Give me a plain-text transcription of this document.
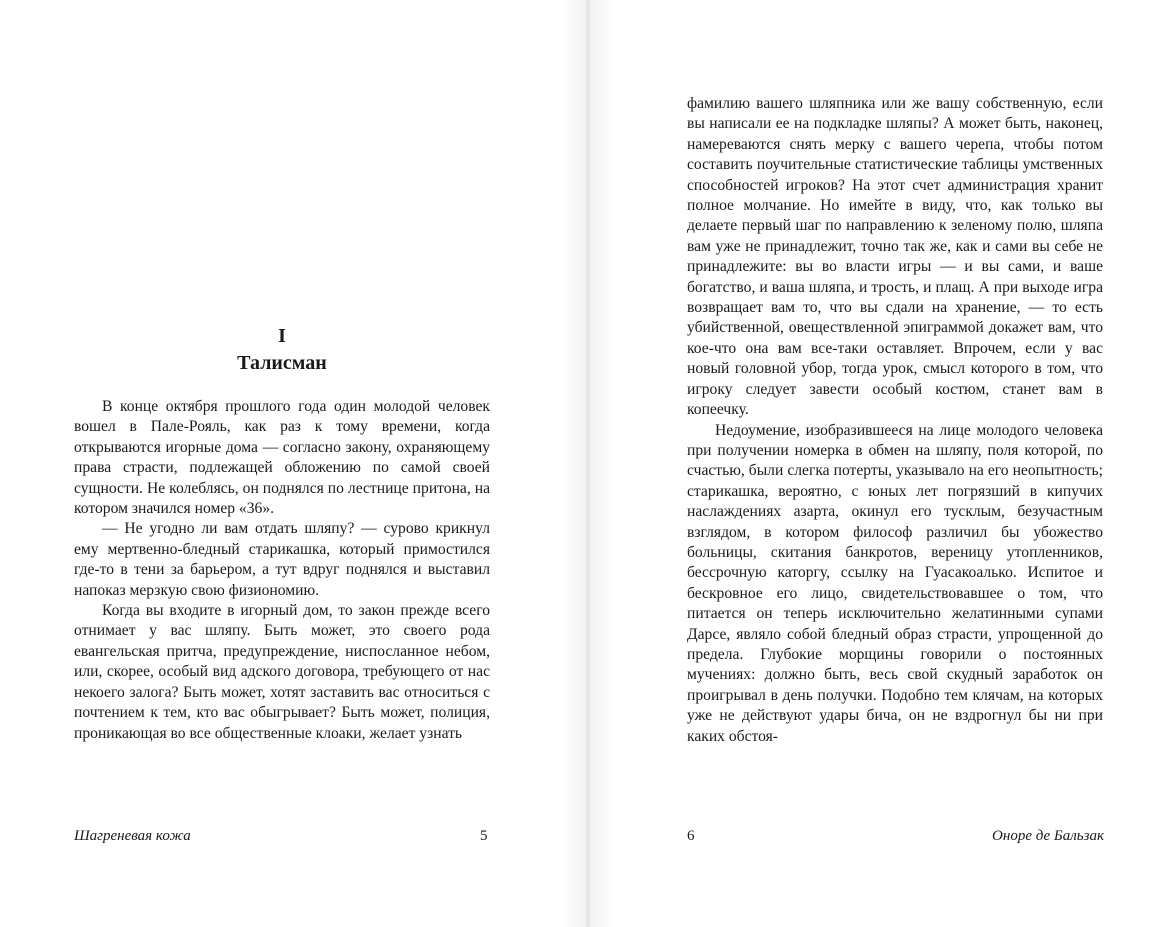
I
Талисман

В конце октября прошлого года один молодой человек вошел в Пале-Рояль, как раз к тому времени, когда открываются игорные дома — согласно закону, охраняющему права страсти, подлежащей обложению по самой своей сущности. Не колеблясь, он поднялся по лестнице притона, на котором значился номер «36».

— Не угодно ли вам отдать шляпу? — сурово крикнул ему мертвенно-бледный старикашка, который примостился где-то в тени за барьером, а тут вдруг поднялся и выставил напоказ мерзкую свою физиономию.

Когда вы входите в игорный дом, то закон прежде всего отнимает у вас шляпу. Быть может, это своего рода евангельская притча, предупреждение, ниспосланное небом, или, скорее, особый вид адского договора, требующего от нас некоего залога? Быть может, хотят заставить вас относиться с почтением к тем, кто вас обыгрывает? Быть может, полиция, проникающая во все общественные клоаки, желает узнать

Шагреневая кожа	5

фамилию вашего шляпника или же вашу собственную, если вы написали ее на подкладке шляпы? А может быть, наконец, намереваются снять мерку с вашего черепа, чтобы потом составить поучительные статистические таблицы умственных способностей игроков? На этот счет администрация хранит полное молчание. Но имейте в виду, что, как только вы делаете первый шаг по направлению к зеленому полю, шляпа вам уже не принадлежит, точно так же, как и сами вы себе не принадлежите: вы во власти игры — и вы сами, и ваше богатство, и ваша шляпа, и трость, и плащ. А при выходе игра возвращает вам то, что вы сдали на хранение, — то есть убийственной, овеществленной эпиграммой докажет вам, что кое-что она вам все-таки оставляет. Впрочем, если у вас новый головной убор, тогда урок, смысл которого в том, что игроку следует завести особый костюм, станет вам в копеечку.

Недоумение, изобразившееся на лице молодого человека при получении номерка в обмен на шляпу, поля которой, по счастью, были слегка потерты, указывало на его неопытность; старикашка, вероятно, с юных лет погрязший в кипучих наслаждениях азарта, окинул его тусклым, безучастным взглядом, в котором философ различил бы убожество больницы, скитания банкротов, вереницу утопленников, бессрочную каторгу, ссылку на Гуасакоалько. Испитое и бескровное его лицо, свидетельствовавшее о том, что питается он теперь исключительно желатинными супами Дарсе, являло собой бледный образ страсти, упрощенной до предела. Глубокие морщины говорили о постоянных мучениях: должно быть, весь свой скудный заработок он проигрывал в день получки. Подобно тем клячам, на которых уже не действуют удары бича, он не вздрогнул бы ни при каких обстоя-

6	Оноре де Бальзак
